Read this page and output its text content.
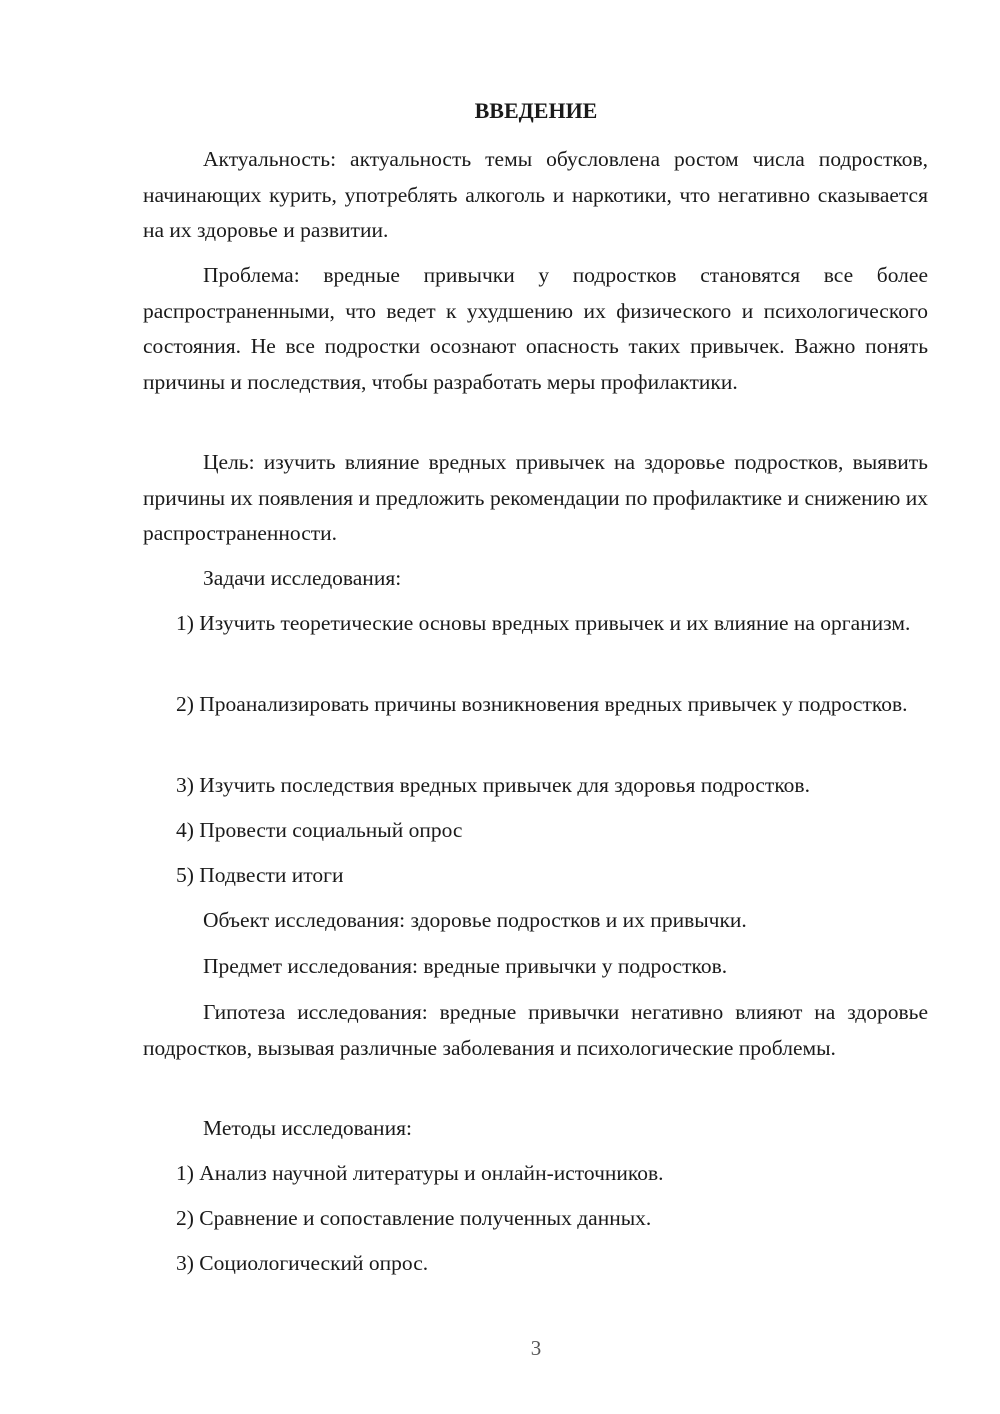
ВВЕДЕНИЕ

Актуальность: актуальность темы обусловлена ростом числа подростков, начинающих курить, употреблять алкоголь и наркотики, что негативно сказывается на их здоровье и развитии.

Проблема: вредные привычки у подростков становятся все более распространенными, что ведет к ухудшению их физического и психологического состояния. Не все подростки осознают опасность таких привычек. Важно понять причины и последствия, чтобы разработать меры профилактики.

Цель: изучить влияние вредных привычек на здоровье подростков, выявить причины их появления и предложить рекомендации по профилактике и снижению их распространенности.

Задачи исследования:

1) Изучить теоретические основы вредных привычек и их влияние на организм.

2) Проанализировать причины возникновения вредных привычек у подростков.

3) Изучить последствия вредных привычек для здоровья подростков.

4) Провести социальный опрос

5) Подвести итоги

Объект исследования: здоровье подростков и их привычки.

Предмет исследования: вредные привычки у подростков.

Гипотеза исследования: вредные привычки негативно влияют на здоровье подростков, вызывая различные заболевания и психологические проблемы.

Методы исследования:

1) Анализ научной литературы и онлайн-источников.

2) Сравнение и сопоставление полученных данных.

3) Социологический опрос.

3
